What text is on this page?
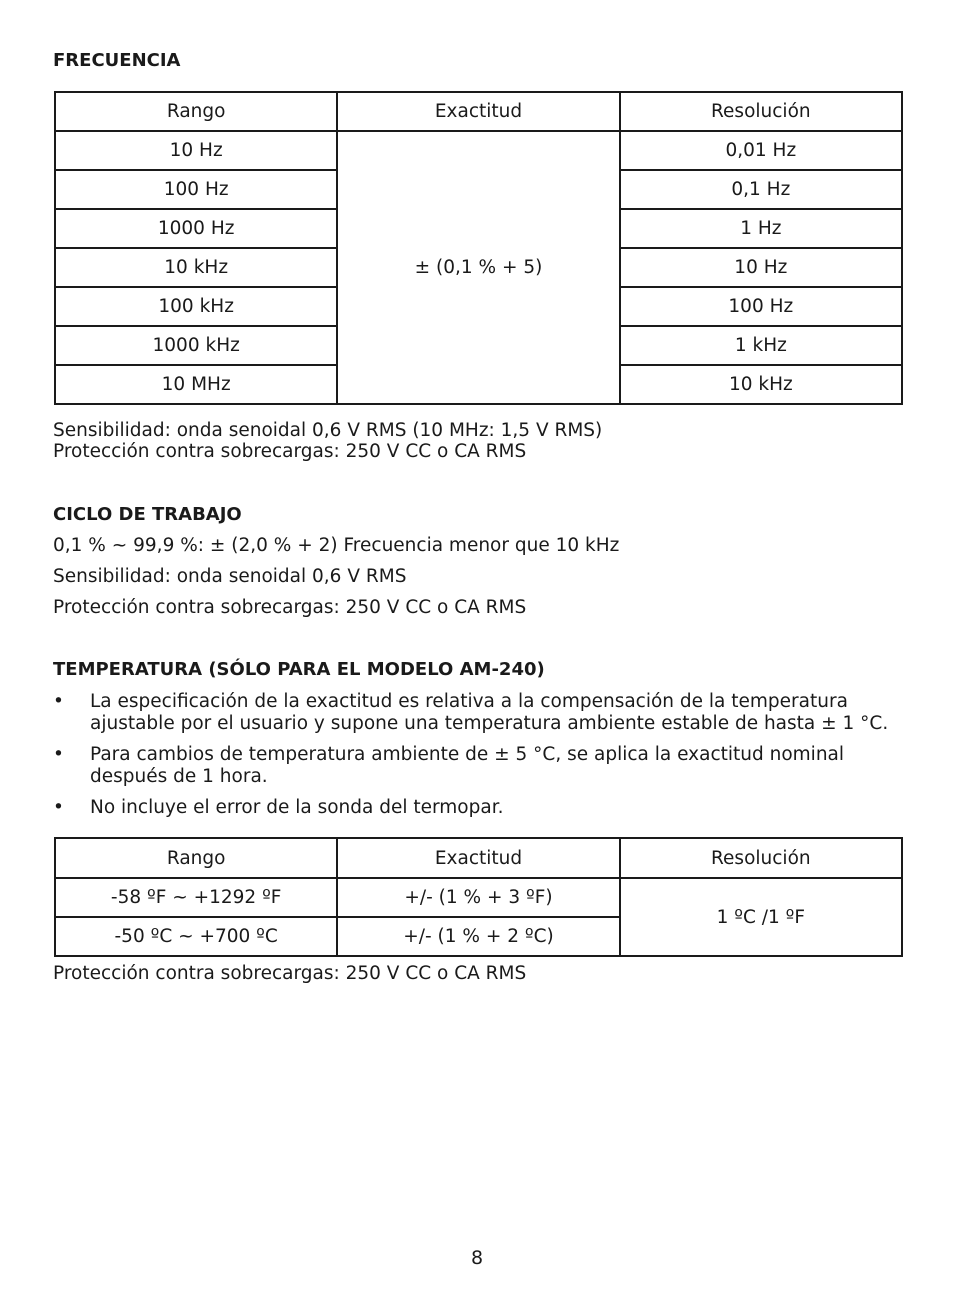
FRECUENCIA
Rango	Exactitud	Resolución
10 Hz	± (0,1 % + 5)	0,01 Hz
100 Hz		0,1 Hz
1000 Hz		1 Hz
10 kHz		10 Hz
100 kHz		100 Hz
1000 kHz		1 kHz
10 MHz		10 kHz
Sensibilidad: onda senoidal 0,6 V RMS (10 MHz: 1,5 V RMS)
Protección contra sobrecargas: 250 V CC o CA RMS
CICLO DE TRABAJO
0,1 % ~ 99,9 %: ± (2,0 % + 2) Frecuencia menor que 10 kHz
Sensibilidad: onda senoidal 0,6 V RMS
Protección contra sobrecargas: 250 V CC o CA RMS
TEMPERATURA (SÓLO PARA EL MODELO AM-240)
• La especificación de la exactitud es relativa a la compensación de la temperatura ajustable por el usuario y supone una temperatura ambiente estable de hasta ± 1 °C.
• Para cambios de temperatura ambiente de ± 5 °C, se aplica la exactitud nominal después de 1 hora.
• No incluye el error de la sonda del termopar.
Rango	Exactitud	Resolución
-58 ºF ~ +1292 ºF	+/- (1 % + 3 ºF)	1 ºC /1 ºF
-50 ºC ~ +700 ºC	+/- (1 % + 2 ºC)	
Protección contra sobrecargas: 250 V CC o CA RMS
8
